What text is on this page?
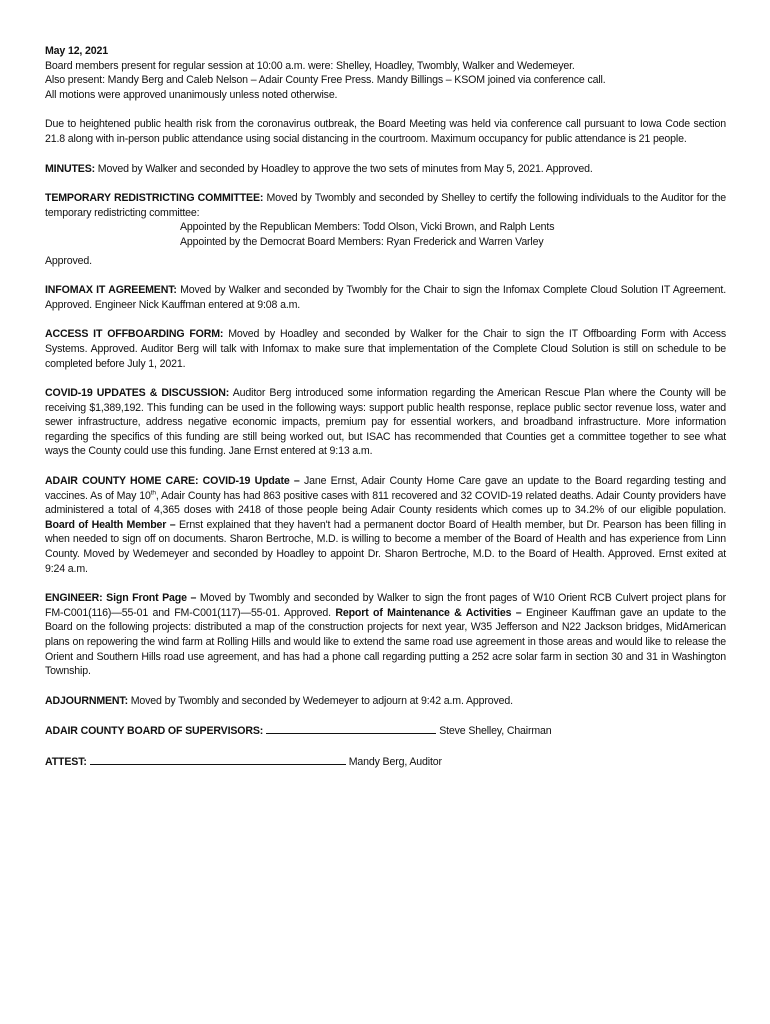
May 12, 2021

Board members present for regular session at 10:00 a.m. were: Shelley, Hoadley, Twombly, Walker and Wedemeyer.

Also present: Mandy Berg and Caleb Nelson – Adair County Free Press. Mandy Billings – KSOM joined via conference call.

All motions were approved unanimously unless noted otherwise.

Due to heightened public health risk from the coronavirus outbreak, the Board Meeting was held via conference call pursuant to Iowa Code section 21.8 along with in-person public attendance using social distancing in the courtroom. Maximum occupancy for public attendance is 21 people.

MINUTES: Moved by Walker and seconded by Hoadley to approve the two sets of minutes from May 5, 2021. Approved.

TEMPORARY REDISTRICTING COMMITTEE: Moved by Twombly and seconded by Shelley to certify the following individuals to the Auditor for the temporary redistricting committee:

Appointed by the Republican Members: Todd Olson, Vicki Brown, and Ralph Lents

Appointed by the Democrat Board Members: Ryan Frederick and Warren Varley

Approved.

INFOMAX IT AGREEMENT: Moved by Walker and seconded by Twombly for the Chair to sign the Infomax Complete Cloud Solution IT Agreement. Approved. Engineer Nick Kauffman entered at 9:08 a.m.

ACCESS IT OFFBOARDING FORM: Moved by Hoadley and seconded by Walker for the Chair to sign the IT Offboarding Form with Access Systems. Approved. Auditor Berg will talk with Infomax to make sure that implementation of the Complete Cloud Solution is still on schedule to be completed before July 1, 2021.

COVID-19 UPDATES & DISCUSSION: Auditor Berg introduced some information regarding the American Rescue Plan where the County will be receiving $1,389,192. This funding can be used in the following ways: support public health response, replace public sector revenue loss, water and sewer infrastructure, address negative economic impacts, premium pay for essential workers, and broadband infrastructure. More information regarding the specifics of this funding are still being worked out, but ISAC has recommended that Counties get a committee together to see what ways the County could use this funding. Jane Ernst entered at 9:13 a.m.

ADAIR COUNTY HOME CARE: COVID-19 Update – Jane Ernst, Adair County Home Care gave an update to the Board regarding testing and vaccines. As of May 10th, Adair County has had 863 positive cases with 811 recovered and 32 COVID-19 related deaths. Adair County providers have administered a total of 4,365 doses with 2418 of those people being Adair County residents which comes up to 34.2% of our eligible population. Board of Health Member – Ernst explained that they haven't had a permanent doctor Board of Health member, but Dr. Pearson has been filling in when needed to sign off on documents. Sharon Bertroche, M.D. is willing to become a member of the Board of Health and has experience from Linn County. Moved by Wedemeyer and seconded by Hoadley to appoint Dr. Sharon Bertroche, M.D. to the Board of Health. Approved. Ernst exited at 9:24 a.m.

ENGINEER: Sign Front Page – Moved by Twombly and seconded by Walker to sign the front pages of W10 Orient RCB Culvert project plans for FM-C001(116)—55-01 and FM-C001(117)—55-01. Approved. Report of Maintenance & Activities – Engineer Kauffman gave an update to the Board on the following projects: distributed a map of the construction projects for next year, W35 Jefferson and N22 Jackson bridges, MidAmerican plans on repowering the wind farm at Rolling Hills and would like to extend the same road use agreement in those areas and would like to release the Orient and Southern Hills road use agreement, and has had a phone call regarding putting a 252 acre solar farm in section 30 and 31 in Washington Township.

ADJOURNMENT: Moved by Twombly and seconded by Wedemeyer to adjourn at 9:42 a.m. Approved.

ADAIR COUNTY BOARD OF SUPERVISORS:	Steve Shelley, Chairman

ATTEST:	Mandy Berg, Auditor
